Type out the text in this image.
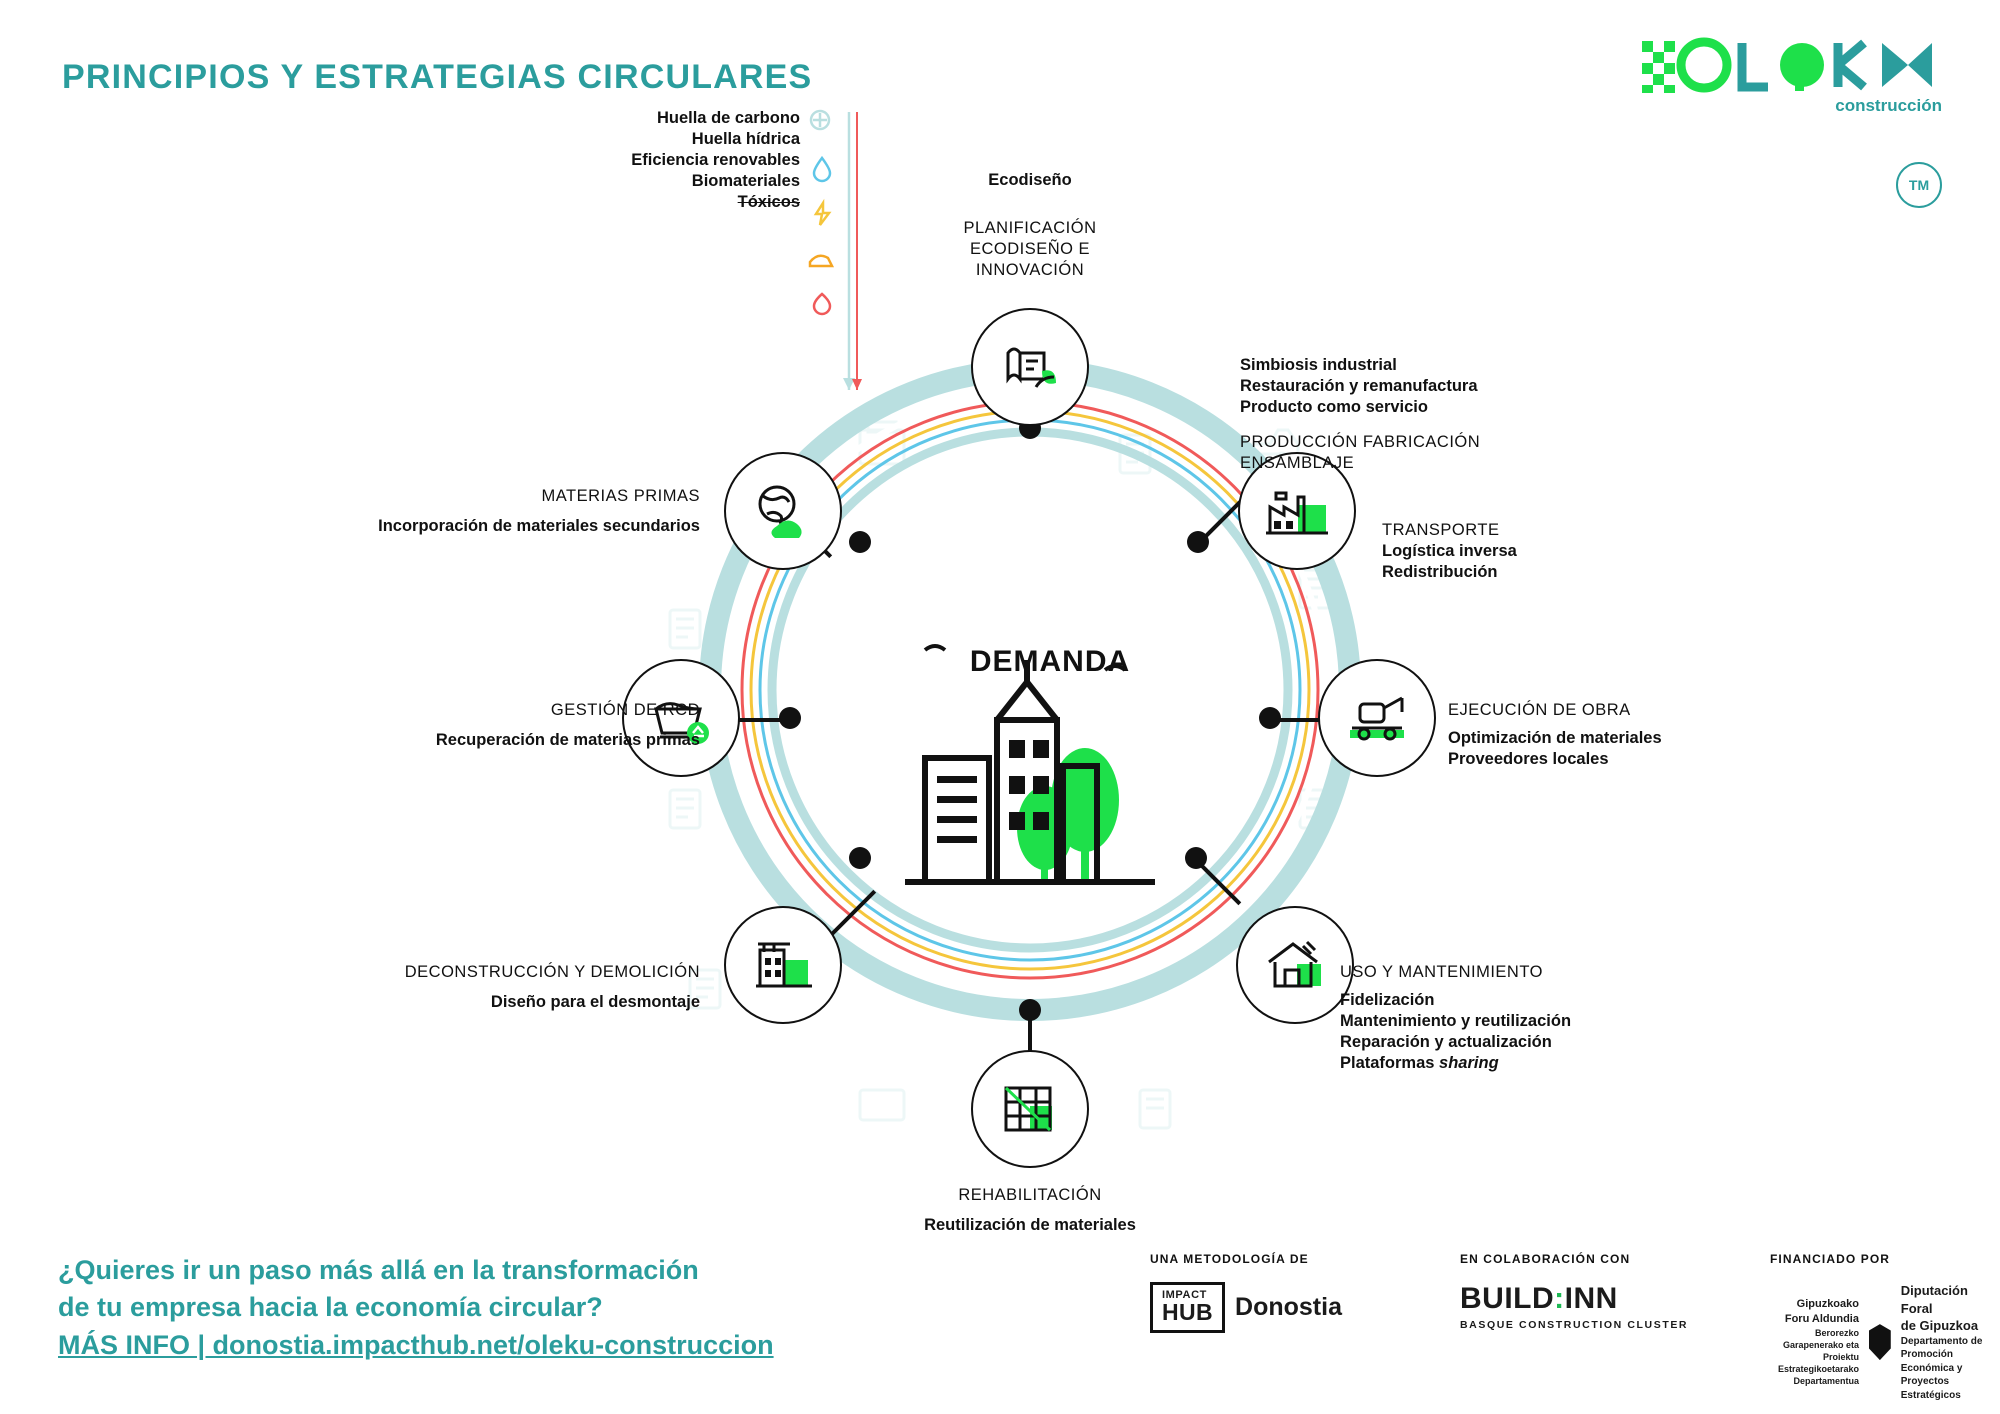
PRINCIPIOS Y ESTRATEGIAS CIRCULARES
construcción
TM
Ecodiseño
PLANIFICACIÓN
ECODISEÑO E
INNOVACIÓN
Simbiosis industrial
Restauración y remanufactura
Producto como servicio
PRODUCCIÓN FABRICACIÓN
ENSAMBLAJE
TRANSPORTE
Logística inversa
Redistribución
EJECUCIÓN DE OBRA
Optimización de materiales
Proveedores locales
USO Y MANTENIMIENTO
Fidelización
Mantenimiento y reutilización
Reparación y actualización
Plataformas sharing
REHABILITACIÓN
Reutilización de materiales
DECONSTRUCCIÓN Y DEMOLICIÓN
Diseño para el desmontaje
GESTIÓN DE RCD
Recuperación de materias primas
MATERIAS PRIMAS
Incorporación de materiales secundarios
Huella de carbono
Huella hídrica
Eficiencia renovables
Biomateriales
Tóxicos
DEMANDA
¿Quieres ir un paso más allá en la transformación
de tu empresa hacia la economía circular?
MÁS INFO | donostia.impacthub.net/oleku-construccion
UNA METODOLOGÍA DE
IMPACT
HUB Donostia
EN COLABORACIÓN CON
BUILD:INN
BASQUE CONSTRUCTION CLUSTER
FINANCIADO POR
Gipuzkoako
Foru Aldundia
Berorezko Garapenerako eta
Proiektu Estrategikoetarako
Departamentua
Diputación Foral
de Gipuzkoa
Departamento de Promoción
Económica y Proyectos
Estratégicos
